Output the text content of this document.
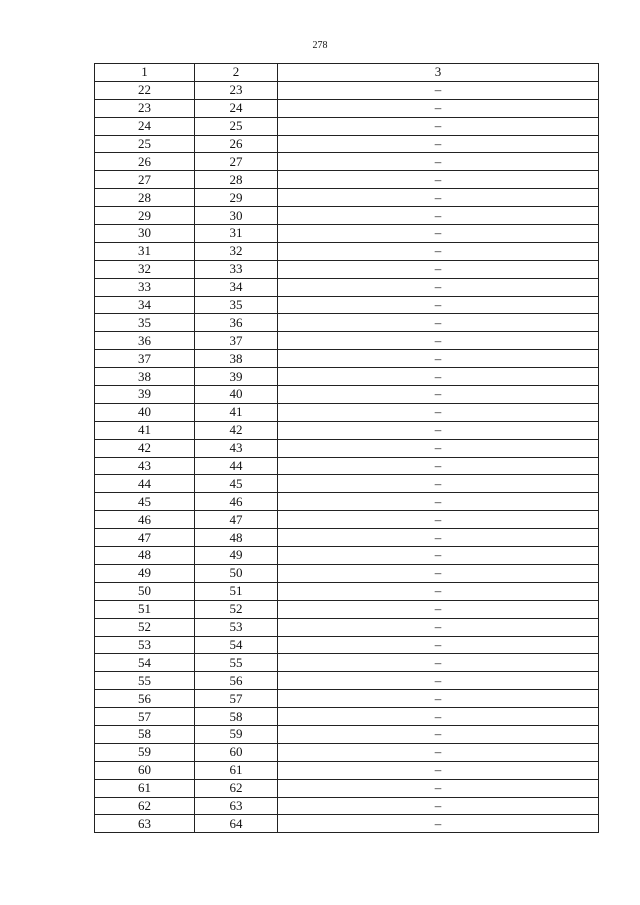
278
1	2	3
22	23	–
23	24	–
24	25	–
25	26	–
26	27	–
27	28	–
28	29	–
29	30	–
30	31	–
31	32	–
32	33	–
33	34	–
34	35	–
35	36	–
36	37	–
37	38	–
38	39	–
39	40	–
40	41	–
41	42	–
42	43	–
43	44	–
44	45	–
45	46	–
46	47	–
47	48	–
48	49	–
49	50	–
50	51	–
51	52	–
52	53	–
53	54	–
54	55	–
55	56	–
56	57	–
57	58	–
58	59	–
59	60	–
60	61	–
61	62	–
62	63	–
63	64	–
